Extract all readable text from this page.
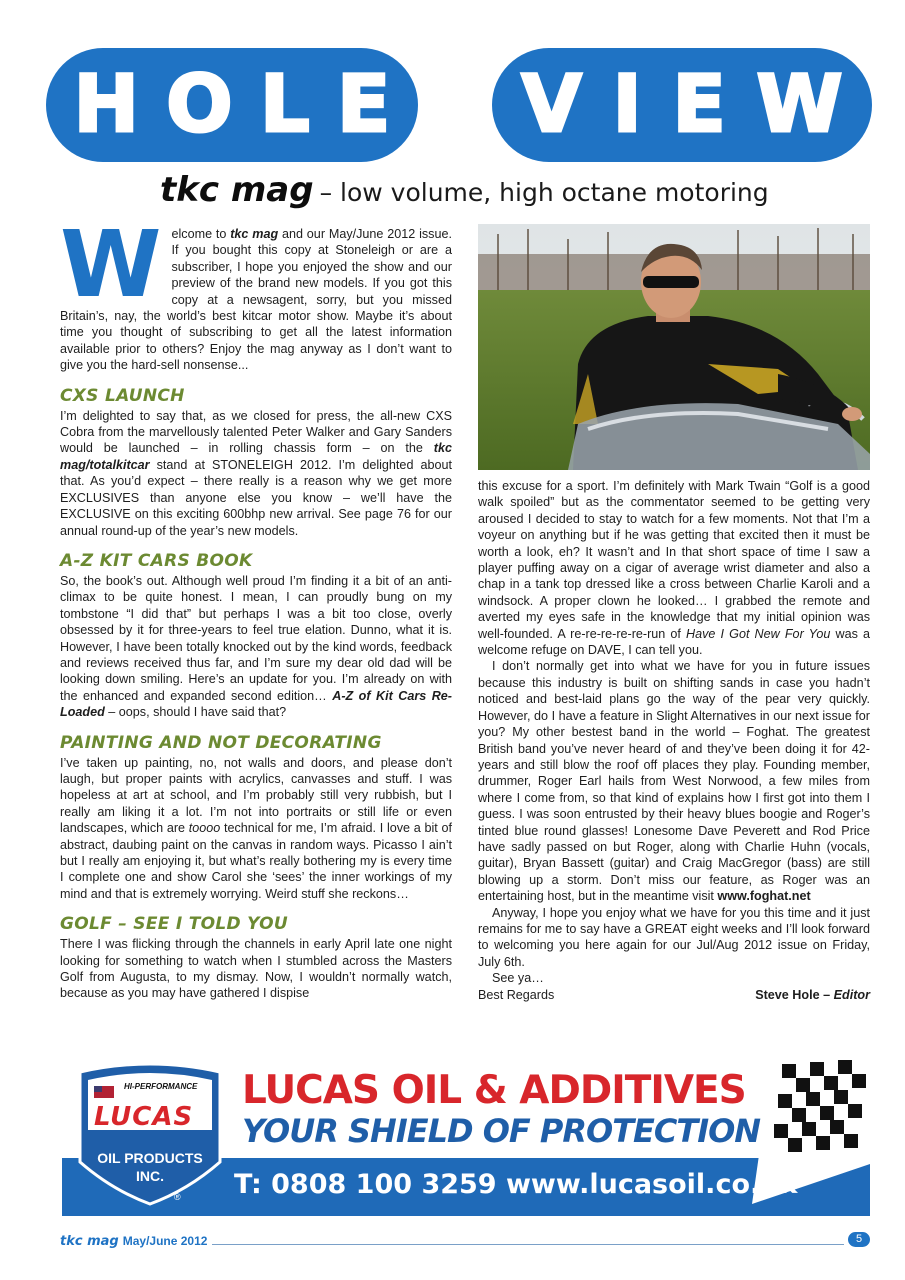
H O L E V I E W
tkc mag – low volume, high octane motoring

Welcome to tkc mag and our May/June 2012 issue. If you bought this copy at Stoneleigh or are a subscriber, I hope you enjoyed the show and our preview of the brand new models. If you got this copy at a newsagent, sorry, but you missed Britain’s, nay, the world’s best kitcar motor show. Maybe it’s about time you thought of subscribing to get all the latest information available prior to others? Enjoy the mag anyway as I don’t want to give you the hard-sell nonsense...

CXS LAUNCH

I’m delighted to say that, as we closed for press, the all-new CXS Cobra from the marvellously talented Peter Walker and Gary Sanders would be launched – in rolling chassis form – on the tkc mag/totalkitcar stand at STONELEIGH 2012. I’m delighted about that. As you’d expect – there really is a reason why we get more EXCLUSIVES than anyone else you know – we’ll have the EXCLUSIVE on this exciting 600bhp new arrival. See page 76 for our annual round-up of the year’s new models.

A-Z KIT CARS BOOK

So, the book’s out. Although well proud I’m finding it a bit of an anti-climax to be quite honest. I mean, I can proudly bung on my tombstone “I did that” but perhaps I was a bit too close, overly obsessed by it for three-years to feel true elation. Dunno, what it is. However, I have been totally knocked out by the kind words, feedback and reviews received thus far, and I’m sure my dear old dad will be looking down smiling. Here’s an update for you. I’m already on with the enhanced and expanded second edition… A-Z of Kit Cars Re-Loaded – oops, should I have said that?

PAINTING AND NOT DECORATING

I’ve taken up painting, no, not walls and doors, and please don’t laugh, but proper paints with acrylics, canvasses and stuff. I was hopeless at art at school, and I’m probably still very rubbish, but I really am liking it a lot. I’m not into portraits or still life or even landscapes, which are toooo technical for me, I’m afraid. I love a bit of abstract, daubing paint on the canvas in random ways. Picasso I ain’t but I really am enjoying it, but what’s really bothering my is every time I complete one and show Carol she ‘sees’ the inner workings of my mind and that is extremely worrying. Weird stuff she reckons…

GOLF – SEE I TOLD YOU

There I was flicking through the channels in early April late one night looking for something to watch when I stumbled across the Masters Golf from Augusta, to my dismay. Now, I wouldn’t normally watch, because as you may have gathered I dispise

this excuse for a sport. I’m definitely with Mark Twain “Golf is a good walk spoiled” but as the commentator seemed to be getting very aroused I decided to stay to watch for a few moments. Not that I’m a voyeur on anything but if he was getting that excited then it must be worth a look, eh? It wasn’t and In that short space of time I saw a player puffing away on a cigar of average wrist diameter and also a chap in a tank top dressed like a cross between Charlie Karoli and a windsock. A proper clown he looked… I grabbed the remote and averted my eyes safe in the knowledge that my initial opinion was well-founded. A re-re-re-re-re-run of Have I Got New For You was a welcome refuge on DAVE, I can tell you.

I don’t normally get into what we have for you in future issues because this industry is built on shifting sands in case you hadn’t noticed and best-laid plans go the way of the pear very quickly. However, do I have a feature in Slight Alternatives in our next issue for you? My other bestest band in the world – Foghat. The greatest British band you’ve never heard of and they’ve been doing it for 42-years and still blow the roof off places they play. Founding member, drummer, Roger Earl hails from West Norwood, a few miles from where I come from, so that kind of explains how I first got into them I guess. I was soon entrusted by their heavy blues boogie and Roger’s tinted blue round glasses! Lonesome Dave Peverett and Rod Price have sadly passed on but Roger, along with Charlie Huhn (vocals, guitar), Bryan Bassett (guitar) and Craig MacGregor (bass) are still blowing up a storm. Don’t miss our feature, as Roger was an entertaining host, but in the meantime visit www.foghat.net

Anyway, I hope you enjoy what we have for you this time and it just remains for me to say have a GREAT eight weeks and I’ll look forward to welcoming you here again for our Jul/Aug 2012 issue on Friday, July 6th.

See ya…

Best Regards	Steve Hole – Editor
LUCAS OIL & ADDITIVES
YOUR SHIELD OF PROTECTION
T: 0808 100 3259 www.lucasoil.co.uk
HI-PERFORMANCE
LUCAS
OIL PRODUCTS
INC.
®
tkc mag May/June 2012	5
